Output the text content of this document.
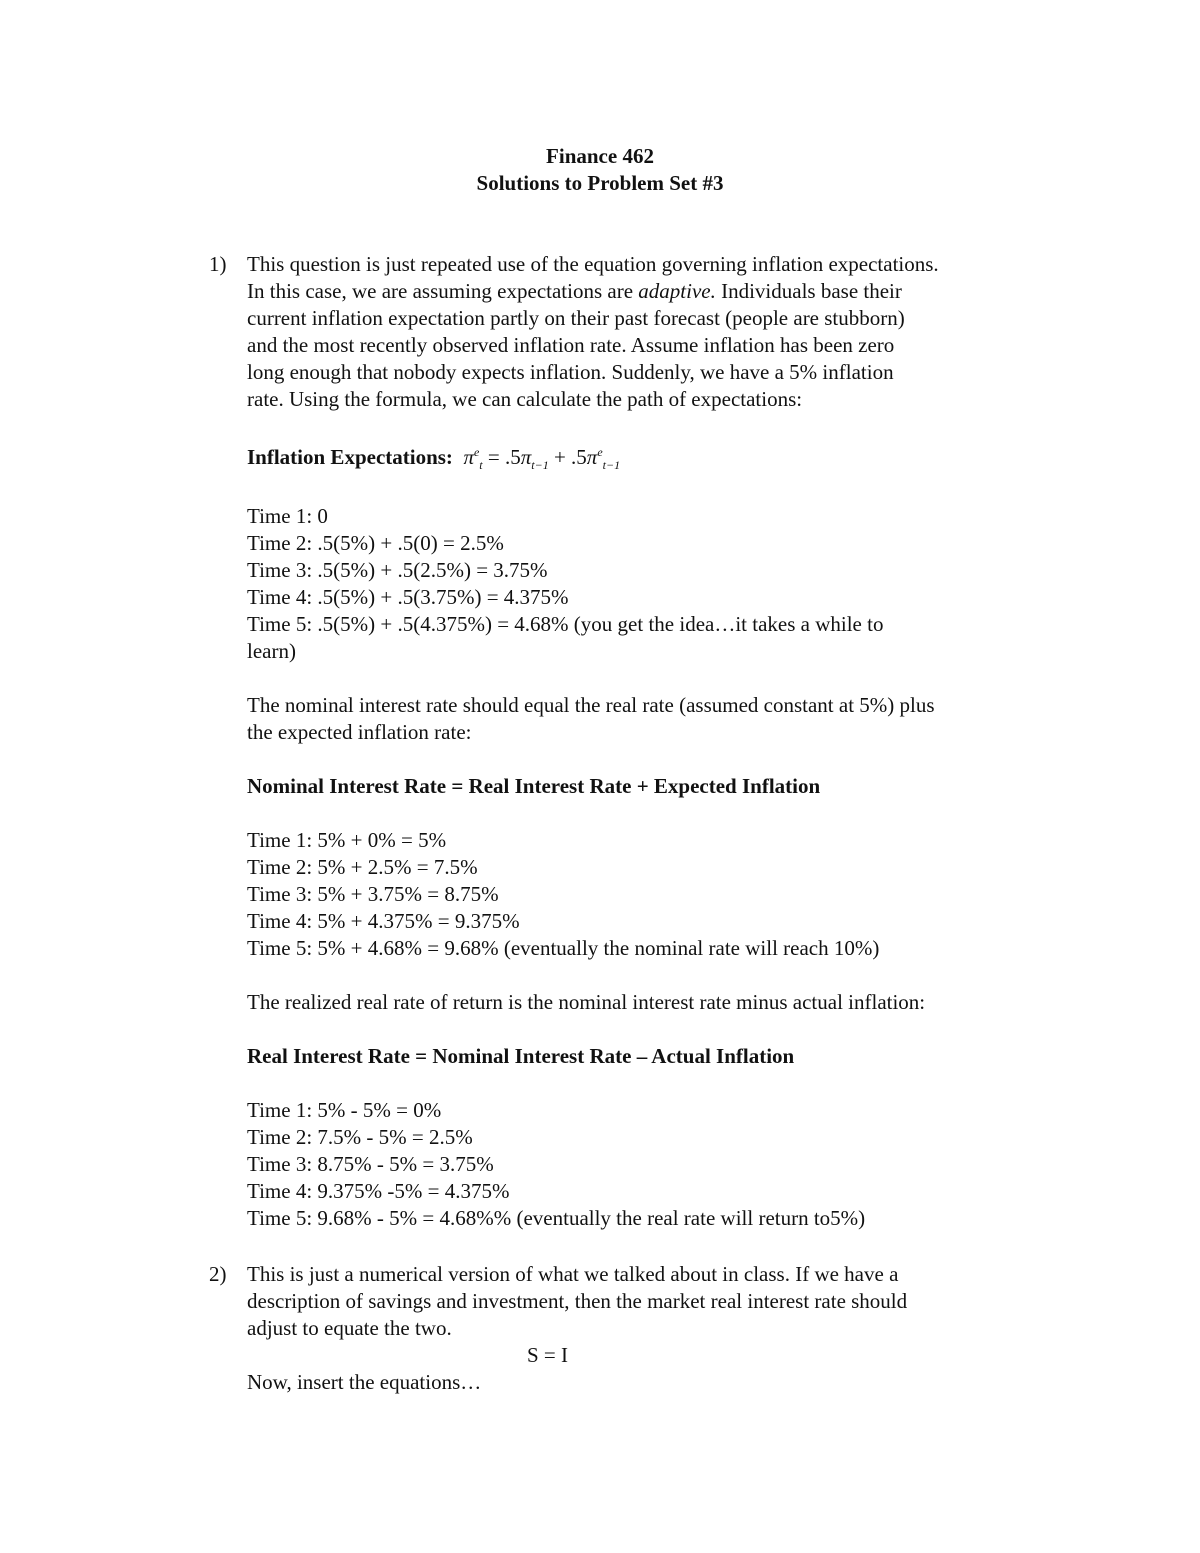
Finance 462
Solutions to Problem Set #3
1) This question is just repeated use of the equation governing inflation expectations.
In this case, we are assuming expectations are adaptive. Individuals base their
current inflation expectation partly on their past forecast (people are stubborn)
and the most recently observed inflation rate. Assume inflation has been zero
long enough that nobody expects inflation. Suddenly, we have a 5% inflation
rate. Using the formula, we can calculate the path of expectations:
Inflation Expectations: $\pi^e_t = .5\pi_{t-1} + .5\pi^e_{t-1}$
Time 1: 0
Time 2: .5(5%) + .5(0) = 2.5%
Time 3: .5(5%) + .5(2.5%) = 3.75%
Time 4: .5(5%) + .5(3.75%) = 4.375%
Time 5: .5(5%) + .5(4.375%) = 4.68% (you get the idea…it takes a while to
learn)
The nominal interest rate should equal the real rate (assumed constant at 5%) plus
the expected inflation rate:
Nominal Interest Rate = Real Interest Rate + Expected Inflation
Time 1: 5% + 0% = 5%
Time 2: 5% + 2.5% = 7.5%
Time 3: 5% + 3.75% = 8.75%
Time 4: 5% + 4.375% = 9.375%
Time 5: 5% + 4.68% = 9.68% (eventually the nominal rate will reach 10%)
The realized real rate of return is the nominal interest rate minus actual inflation:
Real Interest Rate = Nominal Interest Rate – Actual Inflation
Time 1: 5% - 5% = 0%
Time 2: 7.5% - 5% = 2.5%
Time 3: 8.75% - 5% = 3.75%
Time 4: 9.375% -5% = 4.375%
Time 5: 9.68% - 5% = 4.68%% (eventually the real rate will return to5%)
2) This is just a numerical version of what we talked about in class. If we have a
description of savings and investment, then the market real interest rate should
adjust to equate the two.
S = I
Now, insert the equations…
